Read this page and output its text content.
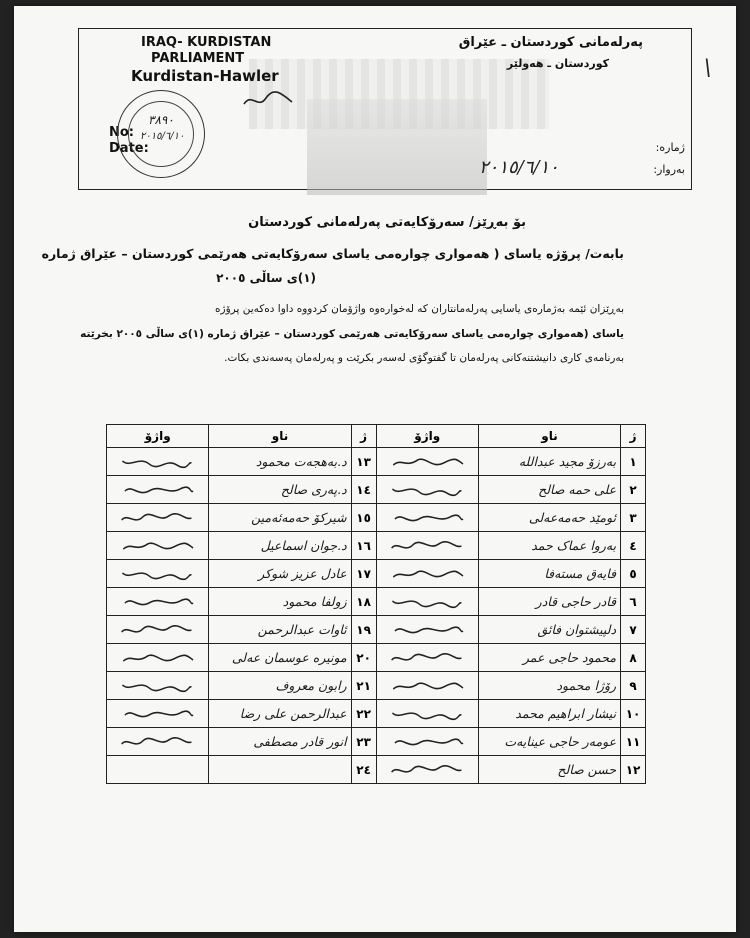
\
IRAQ- KURDISTAN
PARLIAMENT
Kurdistan-Hawler
پەرلەمانی کوردستان ـ عێراق
کوردستان ـ هەولێر
No:
Date:	ژمارە:
بەروار:
٢٠١٥/٦/١٠
٣٨٩٠
٢٠١٥/٦/١٠
بۆ بەڕێز/ سەرۆکایەتی پەرلەمانی کوردستان
بابەت/ پرۆژە یاسای ( هەمواری چوارەمی یاسای سەرۆکایەتی هەرێمی کوردستان – عێراق ژمارە
(١)ی ساڵی ٢٠٠٥
بەڕێزان ئێمە بەژمارەی یاسایی پەرلەمانتاران کە لەخوارەوە واژۆمان کردووە داوا دەکەین پرۆژە
یاسای (هەمواری چوارەمی یاسای سەرۆکایەتی هەرێمی کوردستان – عێراق ژمارە (١)ی ساڵی ٢٠٠٥ بخرێتە
بەرنامەی کاری دانیشتنەکانی پەرلەمان تا گفتوگۆی لەسەر بکرێت و پەرلەمان پەسەندی بکات.
ژ	ناو	واژۆ	ژ	ناو	واژۆ
١	بەرزۆ مجید عبدالله		١٣	د.بەهجەت محمود	

٢	علی حمە صالح		١٤	د.پەری صالح	

٣	ئومێد حەمەعەلی		١٥	شیرکۆ حەمەئەمین	

٤	بەروا عماک حمد		١٦	د.جوان اسماعیل	

٥	فایەق مستەفا		١٧	عادل عزیز شوکر	

٦	قادر حاجی قادر		١٨	زولفا محمود	

٧	دلپیشتوان فائق		١٩	ئاوات عبدالرحمن	

٨	محمود حاجی عمر		٢٠	مونیرە عوسمان عەلی	

٩	رۆژا محمود		٢١	رابون معروف	

١٠	نیشار ابراهیم محمد		٢٢	عبدالرحمن علی رضا	

١١	عومەر حاجی عینایەت		٢٣	انور قادر مصطفی	

١٢	حسن صالح		٢٤		
